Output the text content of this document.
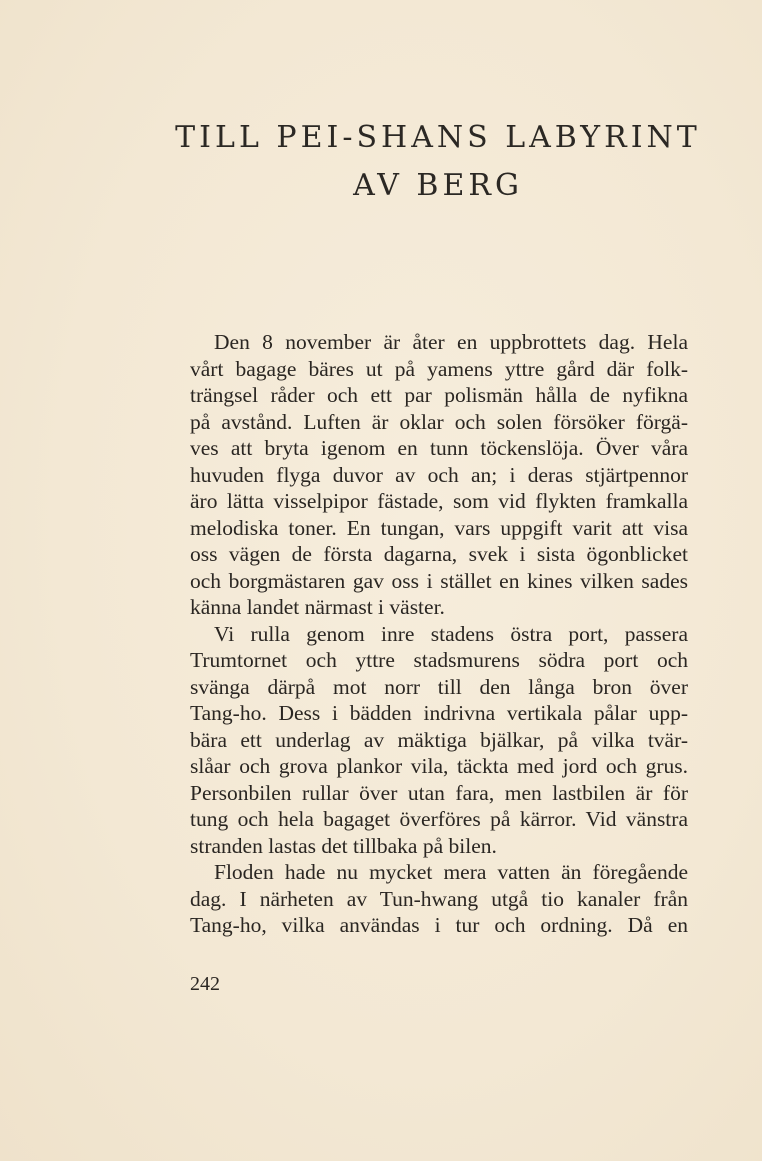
TILL PEI-SHANS LABYRINT
AV BERG
Den 8 november är åter en uppbrottets dag. Hela
vårt bagage bäres ut på yamens yttre gård där folk-
trängsel råder och ett par polismän hålla de nyfikna
på avstånd. Luften är oklar och solen försöker förgä-
ves att bryta igenom en tunn töckenslöja. Över våra
huvuden flyga duvor av och an; i deras stjärtpennor
äro lätta visselpipor fästade, som vid flykten framkalla
melodiska toner. En tungan, vars uppgift varit att visa
oss vägen de första dagarna, svek i sista ögonblicket
och borgmästaren gav oss i stället en kines vilken sades
känna landet närmast i väster.
Vi rulla genom inre stadens östra port, passera
Trumtornet och yttre stadsmurens södra port och
svänga därpå mot norr till den långa bron över
Tang-ho. Dess i bädden indrivna vertikala pålar upp-
bära ett underlag av mäktiga bjälkar, på vilka tvär-
slåar och grova plankor vila, täckta med jord och grus.
Personbilen rullar över utan fara, men lastbilen är för
tung och hela bagaget överföres på kärror. Vid vänstra
stranden lastas det tillbaka på bilen.
Floden hade nu mycket mera vatten än föregående
dag. I närheten av Tun-hwang utgå tio kanaler från
Tang-ho, vilka användas i tur och ordning. Då en
242
